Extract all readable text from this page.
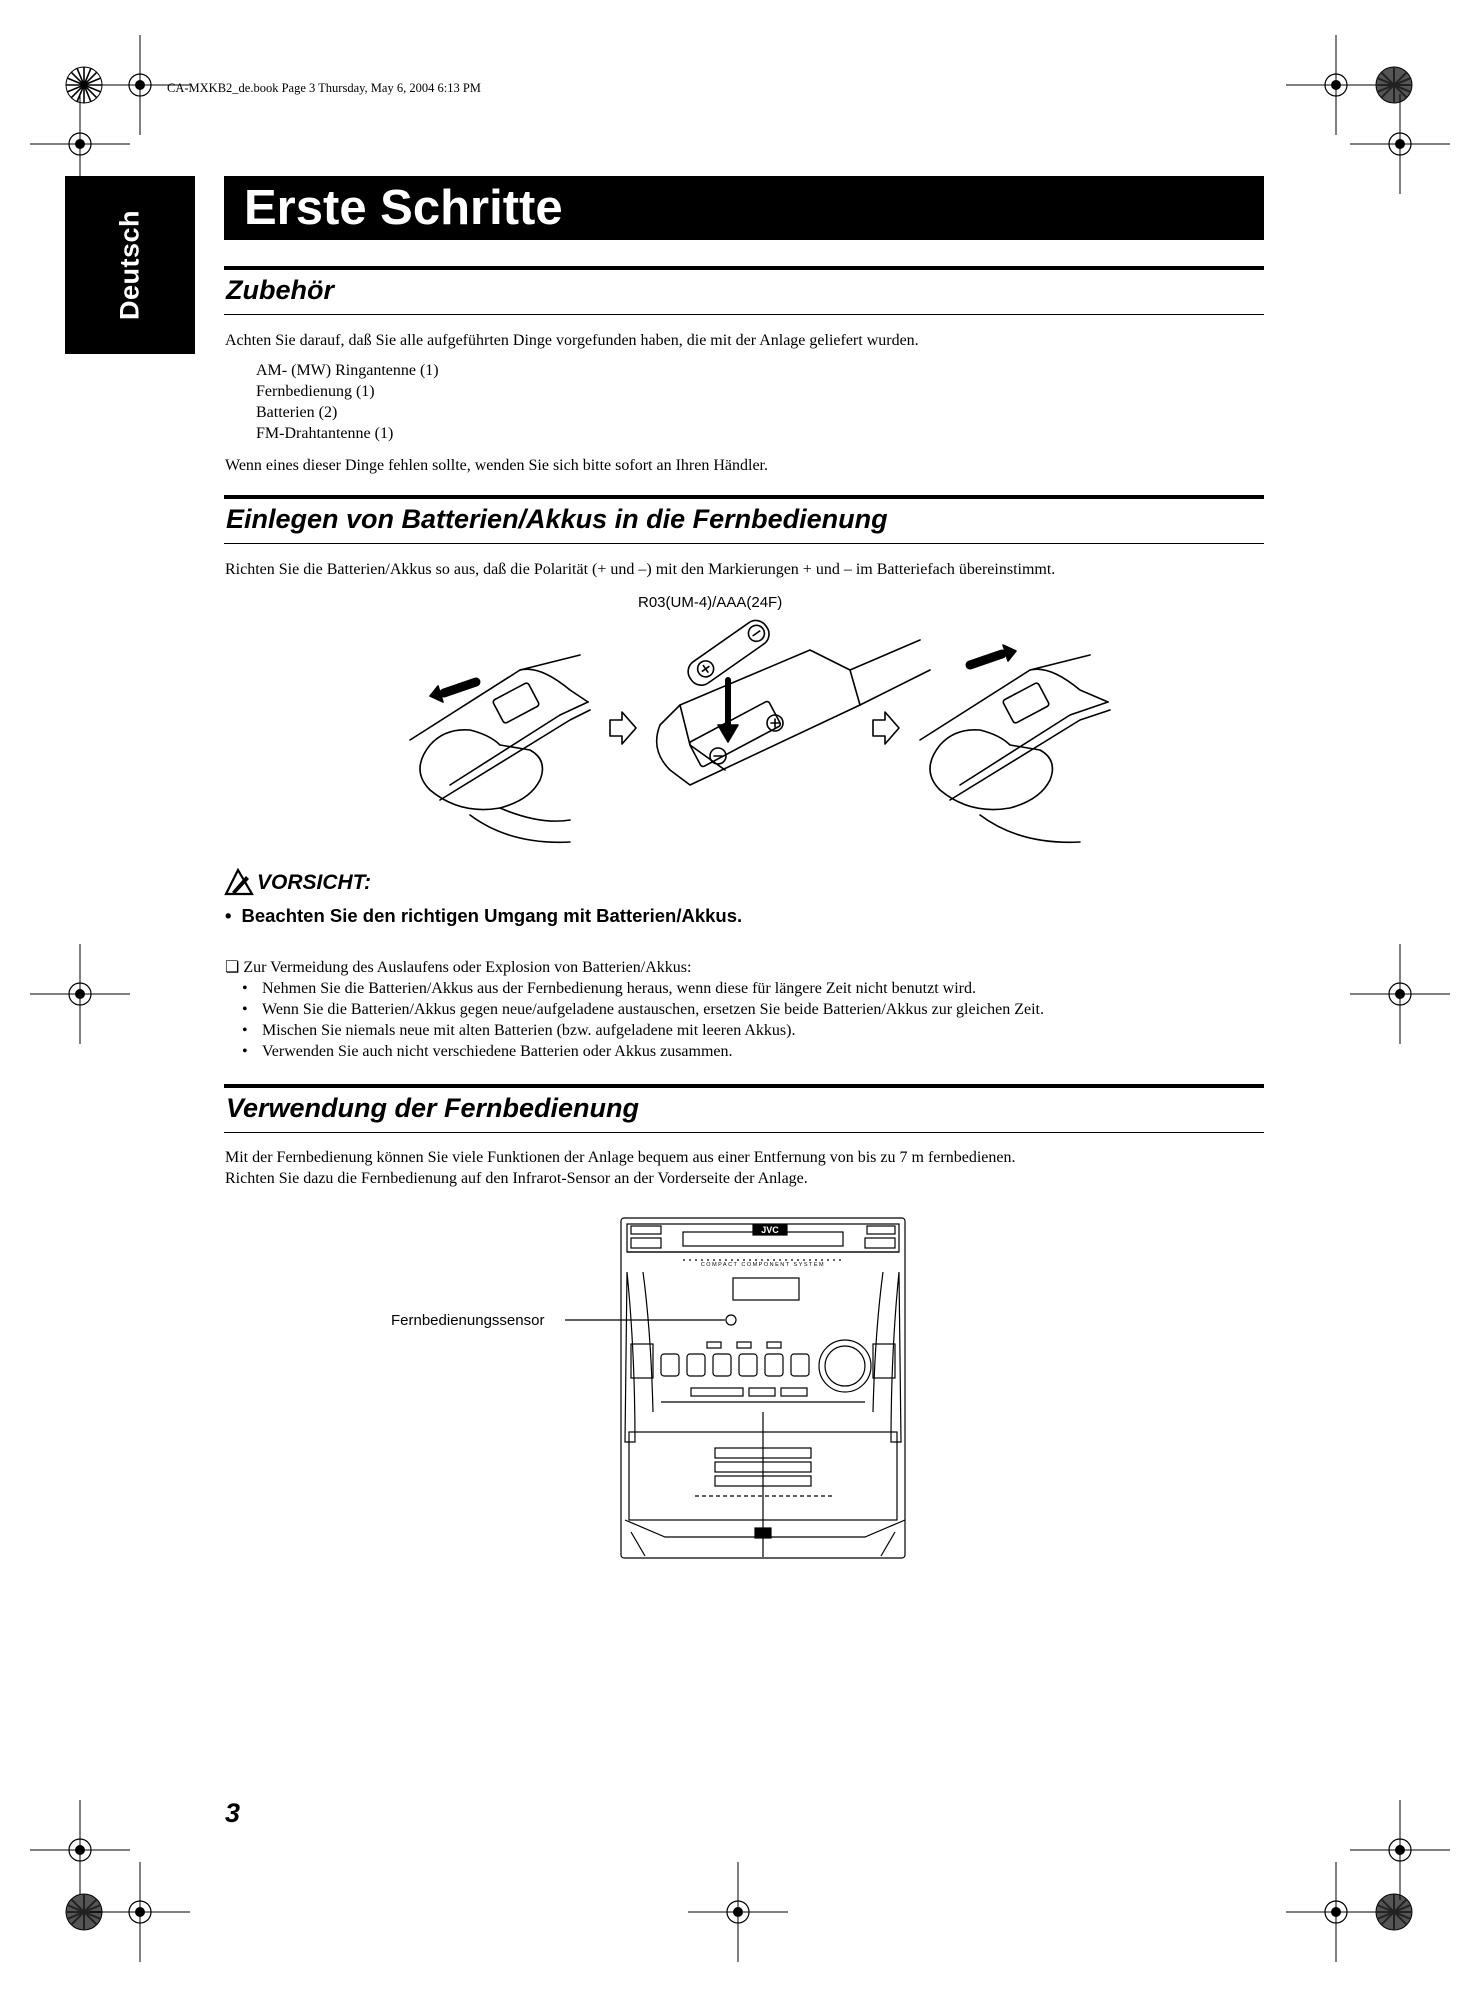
CA-MXKB2_de.book Page 3 Thursday, May 6, 2004 6:13 PM
Deutsch
Erste Schritte
Zubehör
Achten Sie darauf, daß Sie alle aufgeführten Dinge vorgefunden haben, die mit der Anlage geliefert wurden.
AM- (MW) Ringantenne (1)
Fernbedienung (1)
Batterien (2)
FM-Drahtantenne (1)
Wenn eines dieser Dinge fehlen sollte, wenden Sie sich bitte sofort an Ihren Händler.
Einlegen von Batterien/Akkus in die Fernbedienung
Richten Sie die Batterien/Akkus so aus, daß die Polarität (+ und –) mit den Markierungen + und – im Batteriefach übereinstimmt.
R03(UM-4)/AAA(24F)
VORSICHT:
• Beachten Sie den richtigen Umgang mit Batterien/Akkus.
❏ Zur Vermeidung des Auslaufens oder Explosion von Batterien/Akkus:
• Nehmen Sie die Batterien/Akkus aus der Fernbedienung heraus, wenn diese für längere Zeit nicht benutzt wird.
• Wenn Sie die Batterien/Akkus gegen neue/aufgeladene austauschen, ersetzen Sie beide Batterien/Akkus zur gleichen Zeit.
• Mischen Sie niemals neue mit alten Batterien (bzw. aufgeladene mit leeren Akkus).
• Verwenden Sie auch nicht verschiedene Batterien oder Akkus zusammen.
Verwendung der Fernbedienung
Mit der Fernbedienung können Sie viele Funktionen der Anlage bequem aus einer Entfernung von bis zu 7 m fernbedienen.
Richten Sie dazu die Fernbedienung auf den Infrarot-Sensor an der Vorderseite der Anlage.
Fernbedienungssensor
JVC
COMPACT COMPONENT SYSTEM
3
